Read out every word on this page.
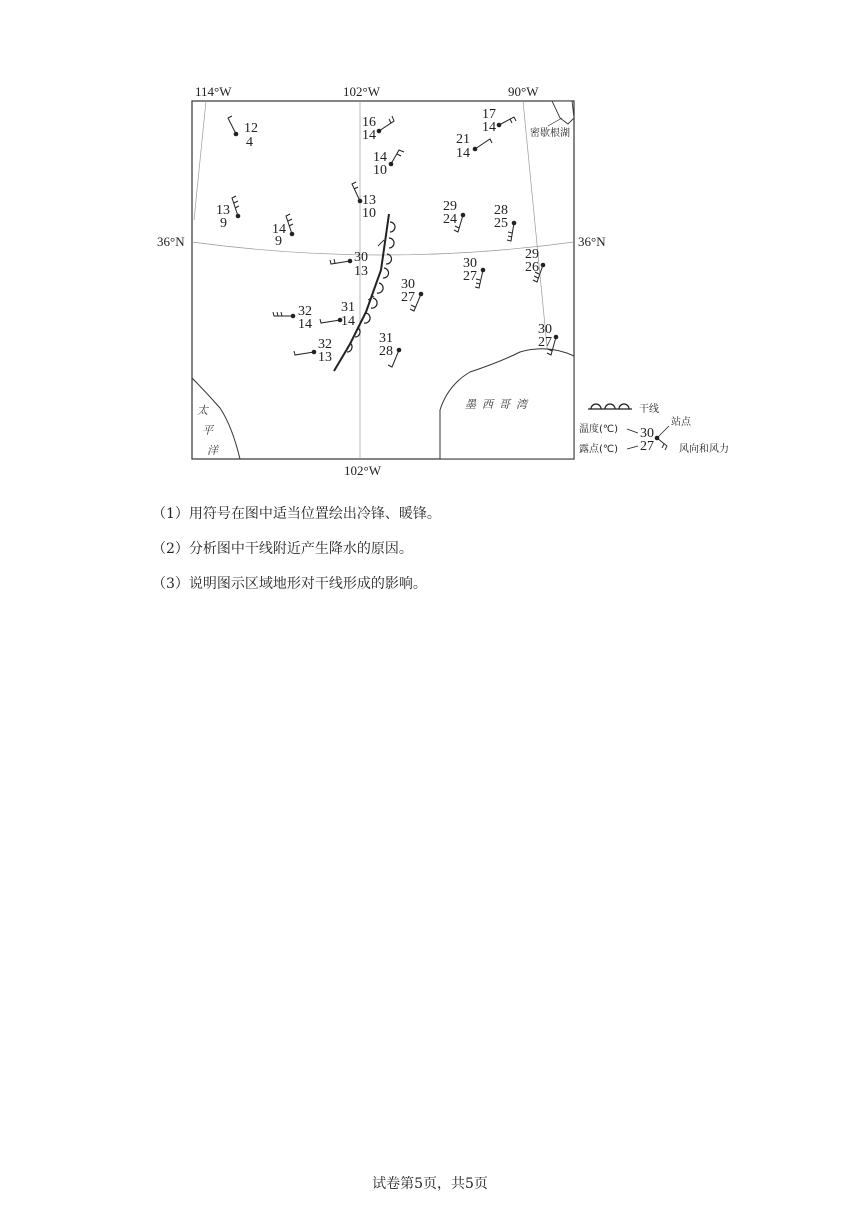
114°W	102°W	90°W
102°W
36°N	36°N
密歇根湖
墨西哥湾
太
平
洋
12
4
16
14
14
10
17
14
21
14
13
9	14
9
13
10	29
24
28
25
30
13
30
27
29
26
30
27
32
14
31
14
32
13
31
28
30
27
干线
温度(℃)
露点(℃)
30
27
站点
风向和风力
（1）用符号在图中适当位置绘出冷锋、暖锋。
（2）分析图中干线附近产生降水的原因。
（3）说明图示区域地形对干线形成的影响。
试卷第5页，共5页
